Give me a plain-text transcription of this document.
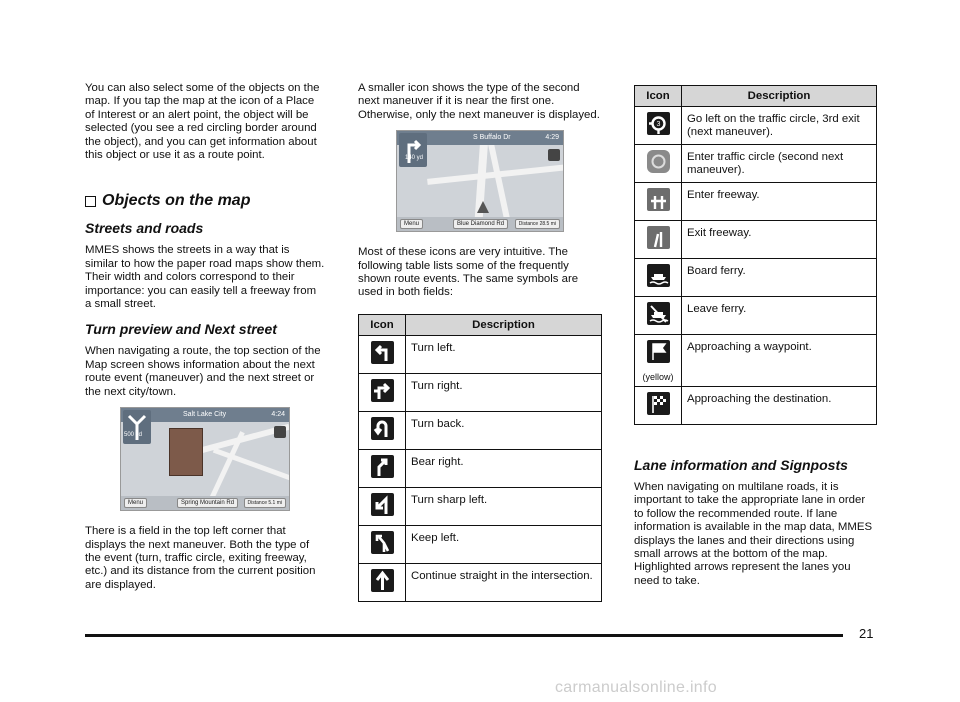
You can also select some of the objects on the map. If you tap the map at the icon of a Place of Interest or an alert point, the object will be selected (you see a red circling border around the object), and you can get information about this object or use it as a route point.

Objects on the map
Streets and roads

MMES shows the streets in a way that is similar to how the paper road maps show them. Their width and colors correspond to their importance: you can easily tell a freeway from a small street.

Turn preview and Next street

When navigating a route, the top section of the Map screen shows information about the next route event (maneuver) and the next street or the next city/town.

Salt Lake City	4:24
500 yd
Menu	Spring Mountain Rd	Distance 5.1 mi

There is a field in the top left corner that displays the next maneuver. Both the type of the event (turn, traffic circle, exiting freeway, etc.) and its distance from the current position are displayed.

A smaller icon shows the type of the second next maneuver if it is near the first one. Otherwise, only the next maneuver is displayed.

S Buffalo Dr	4:29
140 yd
Menu	Blue Diamond Rd	Distance 28.5 mi

Most of these icons are very intuitive. The following table lists some of the frequently shown route events. The same symbols are used in both fields:

Icon	Description

	Turn left.

	Turn right.

	Turn back.

	Bear right.

	Turn sharp left.

	Keep left.

	Continue straight in the intersection.
Icon	Description

3	Go left on the traffic circle, 3rd exit (next maneuver).

	Enter traffic circle (second next maneuver).

	Enter freeway.

	Exit freeway.

	Board ferry.

	Leave ferry.

(yellow)	Approaching a waypoint.

	Approaching the destination.
Lane information and Signposts

When navigating on multilane roads, it is important to take the appropriate lane in order to follow the recommended route. If lane information is available in the map data, MMES displays the lanes and their directions using small arrows at the bottom of the map. Highlighted arrows represent the lanes you need to take.

21
carmanualsonline.info
